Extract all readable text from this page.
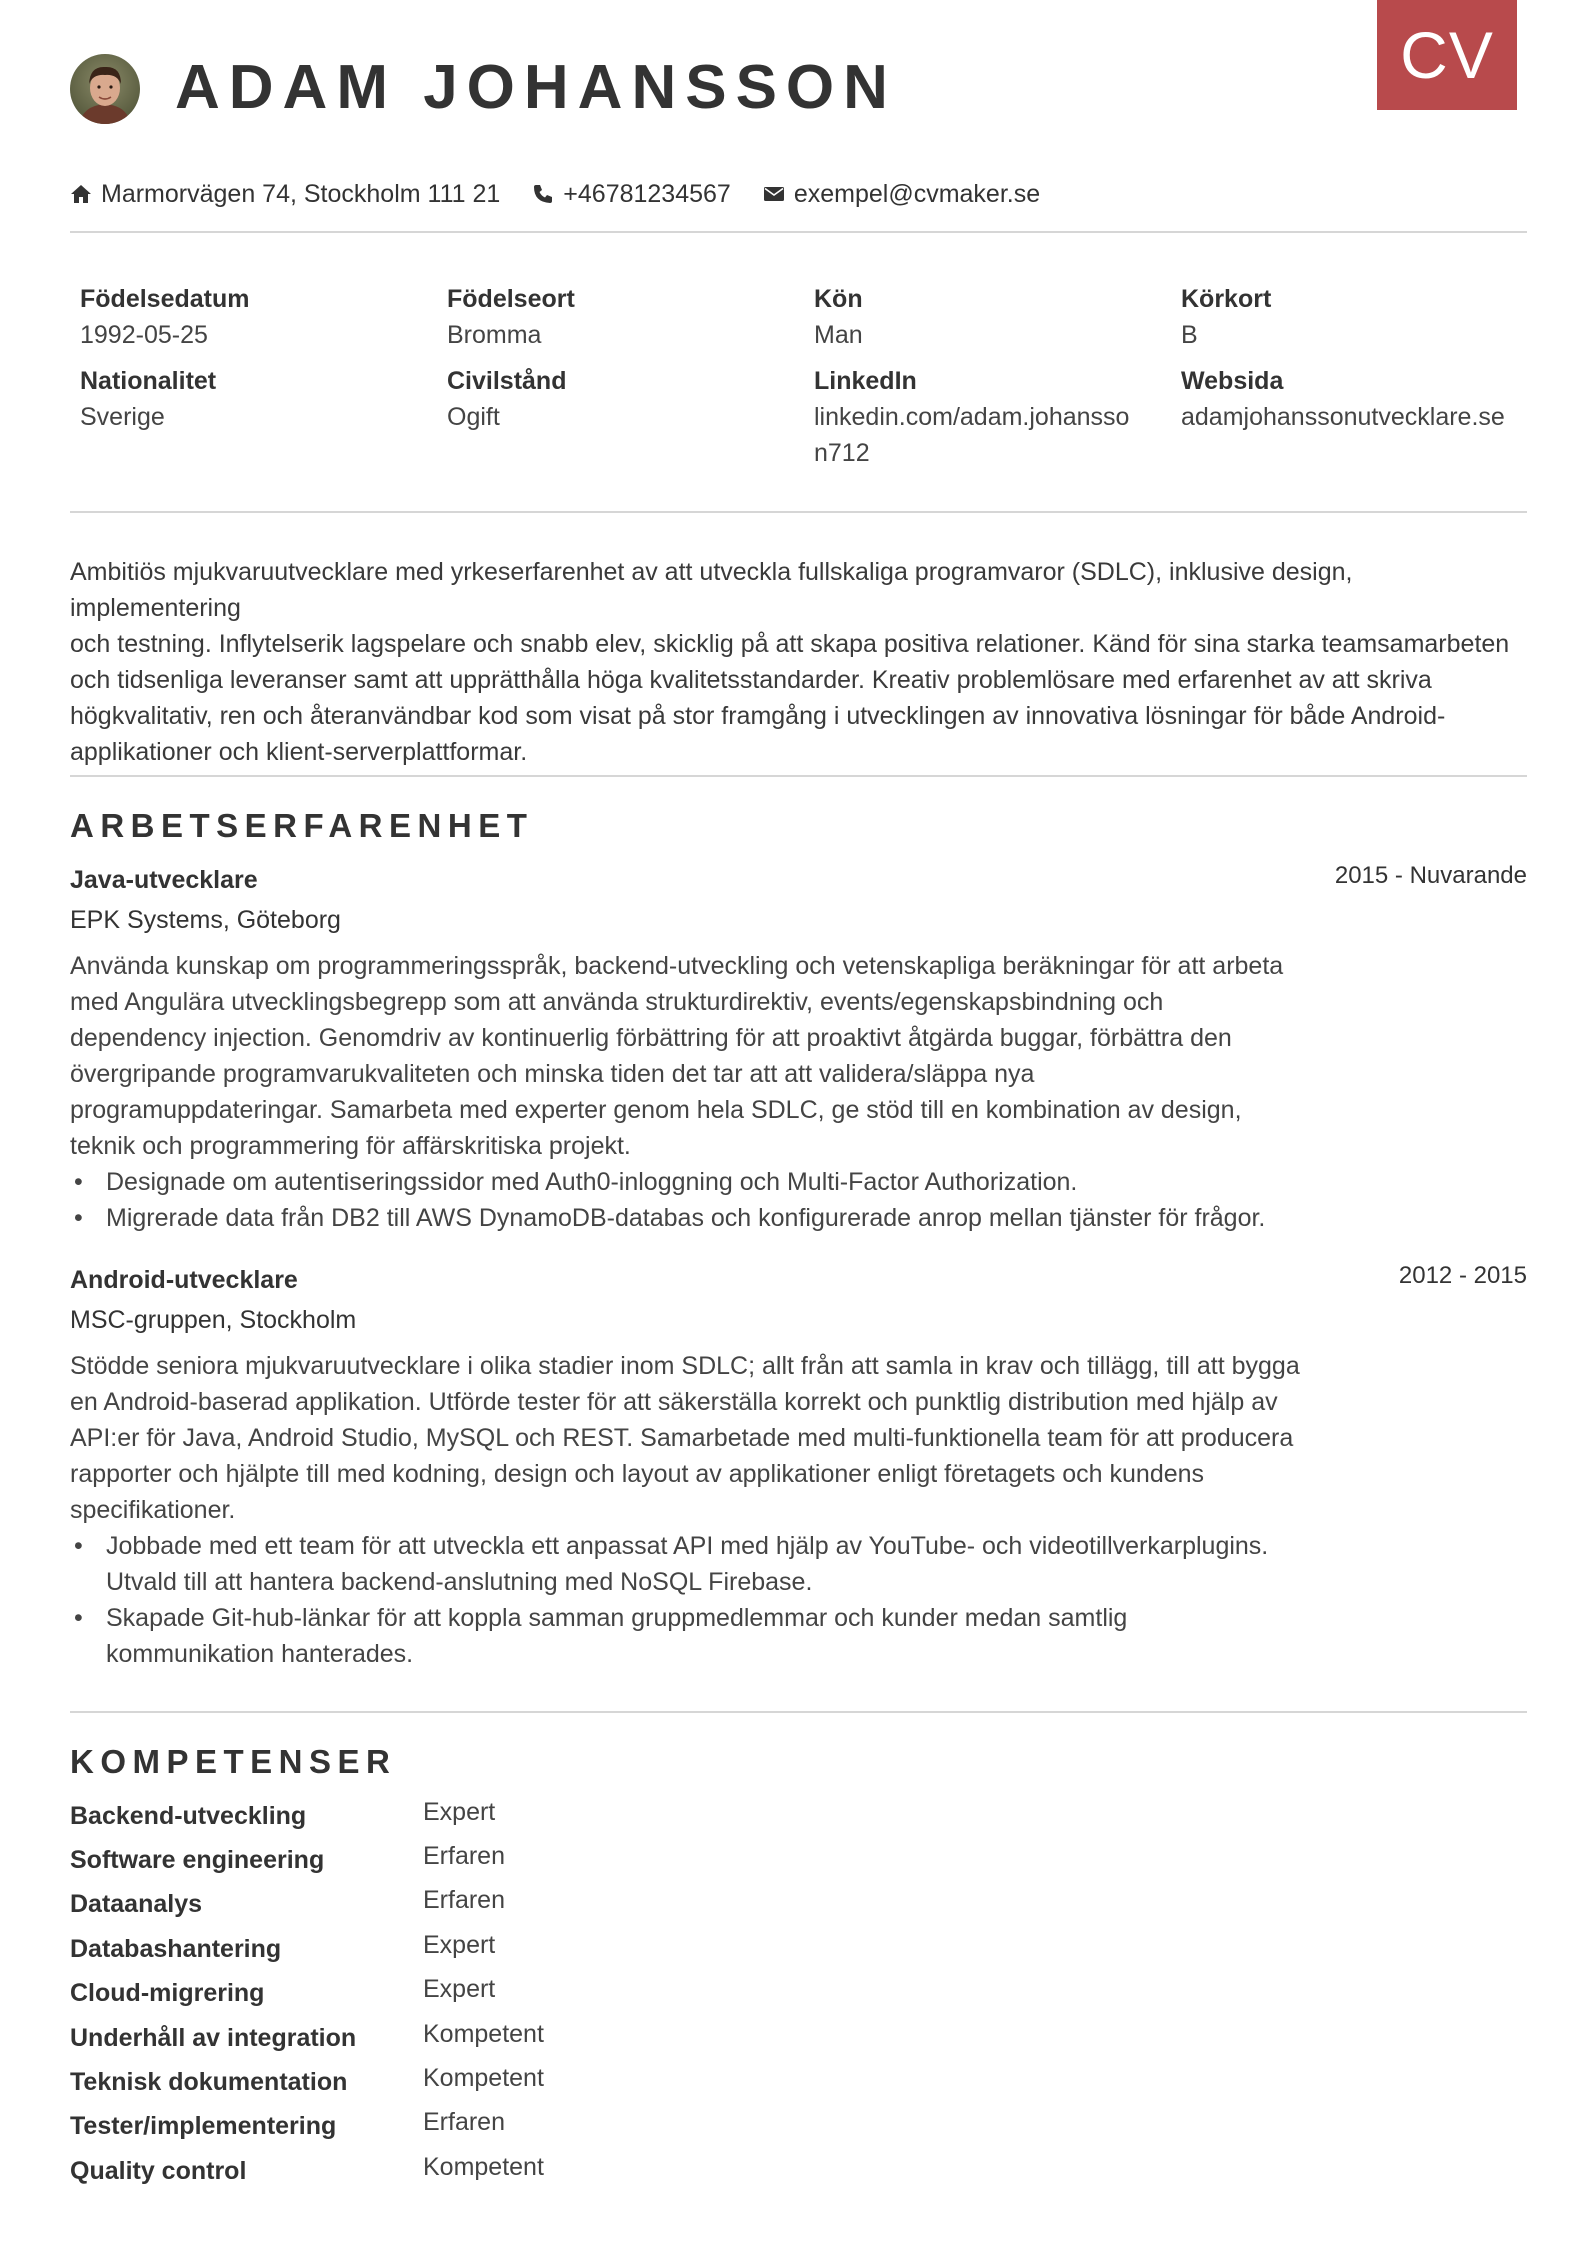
CV
ADAM JOHANSSON
Marmorvägen 74, Stockholm 111 21	+46781234567	exempel@cvmaker.se
Födelsedatum
1992-05-25
Födelseort
Bromma
Kön
Man
Körkort
B
Nationalitet
Sverige
Civilstånd
Ogift
LinkedIn
linkedin.com/adam.johansso
n712
Websida
adamjohanssonutvecklare.se
Ambitiös mjukvaruutvecklare med yrkeserfarenhet av att utveckla fullskaliga programvaror (SDLC), inklusive design, implementering
och testning. Inflytelserik lagspelare och snabb elev, skicklig på att skapa positiva relationer. Känd för sina starka teamsamarbeten
och tidsenliga leveranser samt att upprätthålla höga kvalitetsstandarder. Kreativ problemlösare med erfarenhet av att skriva
högkvalitativ, ren och återanvändbar kod som visat på stor framgång i utvecklingen av innovativa lösningar för både Android-
applikationer och klient-serverplattformar.
ARBETSERFARENHET
2015 - Nuvarande
Java-utvecklare
EPK Systems, Göteborg
Använda kunskap om programmeringsspråk, backend-utveckling och vetenskapliga beräkningar för att arbeta
med Angulära utvecklingsbegrepp som att använda strukturdirektiv, events/egenskapsbindning och
dependency injection. Genomdriv av kontinuerlig förbättring för att proaktivt åtgärda buggar, förbättra den
övergripande programvarukvaliteten och minska tiden det tar att att validera/släppa nya
programuppdateringar. Samarbeta med experter genom hela SDLC, ge stöd till en kombination av design,
teknik och programmering för affärskritiska projekt.
• Designade om autentiseringssidor med Auth0-inloggning och Multi-Factor Authorization.
• Migrerade data från DB2 till AWS DynamoDB-databas och konfigurerade anrop mellan tjänster för frågor.
2012 - 2015
Android-utvecklare
MSC-gruppen, Stockholm
Stödde seniora mjukvaruutvecklare i olika stadier inom SDLC; allt från att samla in krav och tillägg, till att bygga
en Android-baserad applikation. Utförde tester för att säkerställa korrekt och punktlig distribution med hjälp av
API:er för Java, Android Studio, MySQL och REST. Samarbetade med multi-funktionella team för att producera
rapporter och hjälpte till med kodning, design och layout av applikationer enligt företagets och kundens
specifikationer.
• Jobbade med ett team för att utveckla ett anpassat API med hjälp av YouTube- och videotillverkarplugins.
Utvald till att hantera backend-anslutning med NoSQL Firebase.
• Skapade Git-hub-länkar för att koppla samman gruppmedlemmar och kunder medan samtlig
kommunikation hanterades.
KOMPETENSER
Backend-utveckling	Expert
Software engineering	Erfaren
Dataanalys	Erfaren
Databashantering	Expert
Cloud-migrering	Expert
Underhåll av integration	Kompetent
Teknisk dokumentation	Kompetent
Tester/implementering	Erfaren
Quality control	Kompetent
